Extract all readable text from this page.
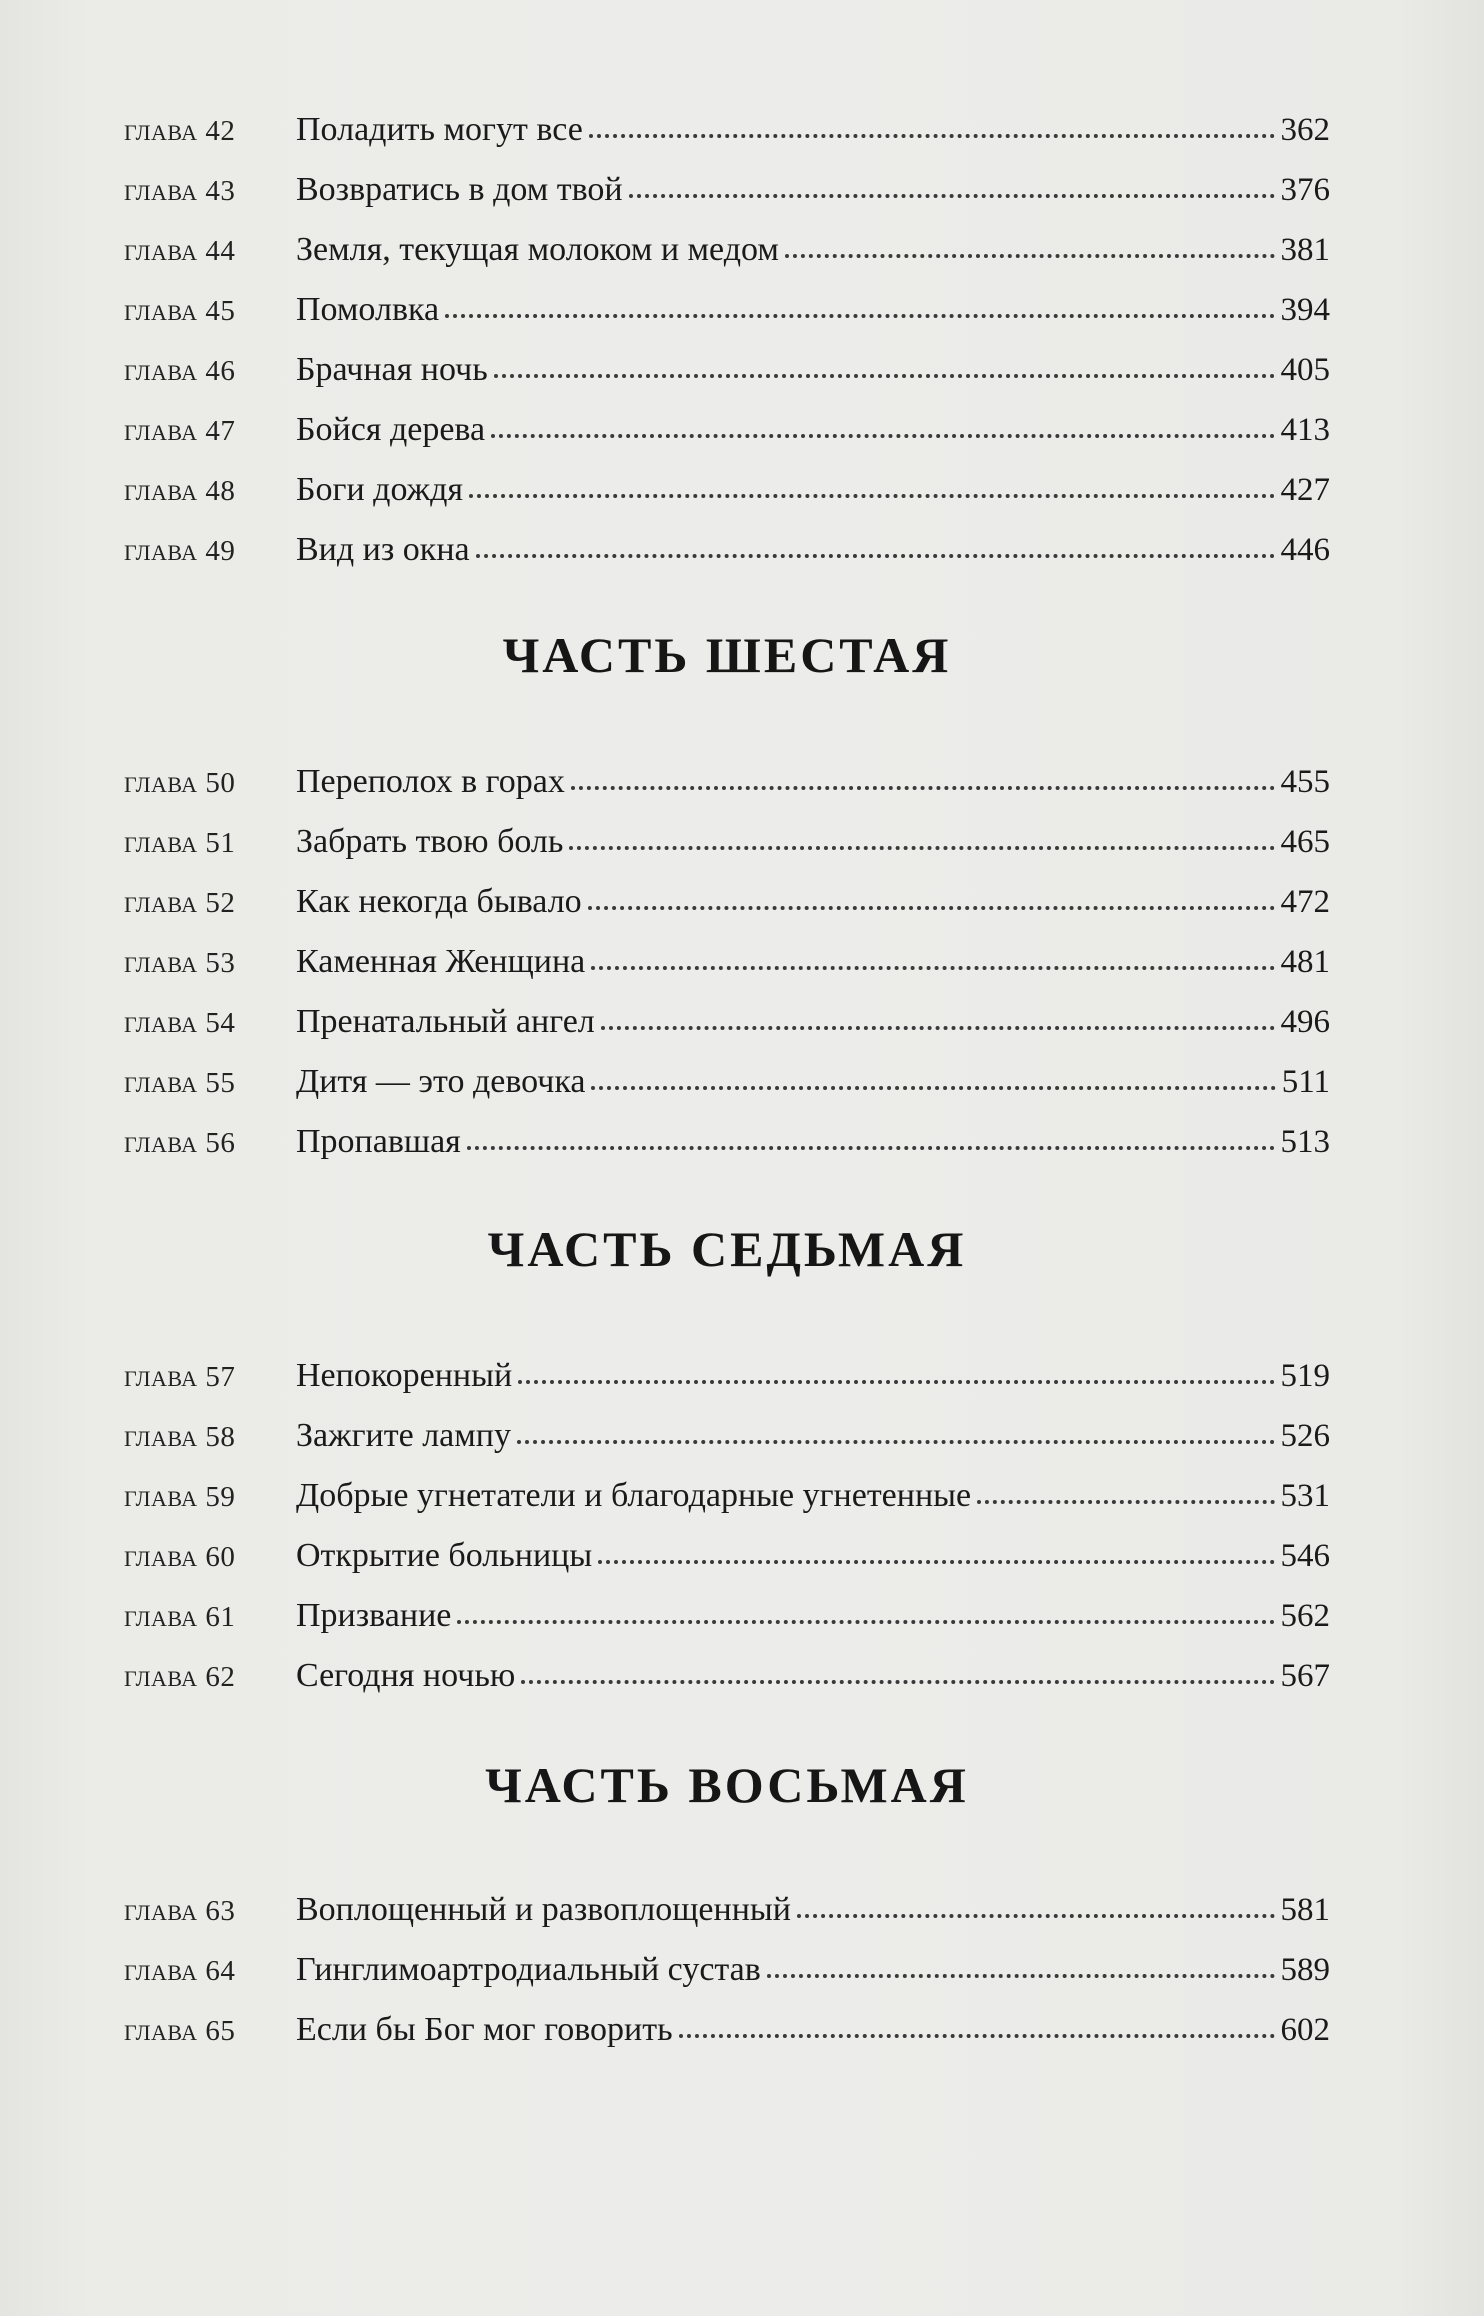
глава 42	Поладить могут все	362
глава 43	Возвратись в дом твой	376
глава 44	Земля, текущая молоком и медом	381
глава 45	Помолвка	394
глава 46	Брачная ночь	405
глава 47	Бойся дерева	413
глава 48	Боги дождя	427
глава 49	Вид из окна	446
ЧАСТЬ ШЕСТАЯ
глава 50	Переполох в горах	455
глава 51	Забрать твою боль	465
глава 52	Как некогда бывало	472
глава 53	Каменная Женщина	481
глава 54	Пренатальный ангел	496
глава 55	Дитя — это девочка	511
глава 56	Пропавшая	513
ЧАСТЬ СЕДЬМАЯ
глава 57	Непокоренный	519
глава 58	Зажгите лампу	526
глава 59	Добрые угнетатели и благодарные угнетенные	531
глава 60	Открытие больницы	546
глава 61	Призвание	562
глава 62	Сегодня ночью	567
ЧАСТЬ ВОСЬМАЯ
глава 63	Воплощенный и развоплощенный	581
глава 64	Гинглимоартродиальный сустав	589
глава 65	Если бы Бог мог говорить	602
